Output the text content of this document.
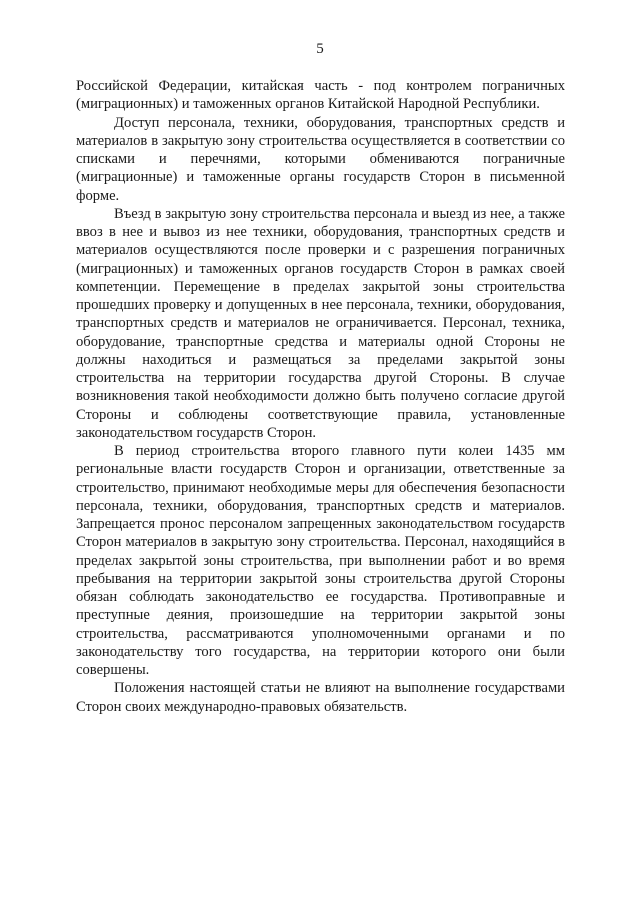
5

Российской Федерации, китайская часть - под контролем пограничных (миграционных) и таможенных органов Китайской Народной Республики.

Доступ персонала, техники, оборудования, транспортных средств и материалов в закрытую зону строительства осуществляется в соответствии со списками и перечнями, которыми обмениваются пограничные (миграционные) и таможенные органы государств Сторон в письменной форме.

Въезд в закрытую зону строительства персонала и выезд из нее, а также ввоз в нее и вывоз из нее техники, оборудования, транспортных средств и материалов осуществляются после проверки и с разрешения пограничных (миграционных) и таможенных органов государств Сторон в рамках своей компетенции. Перемещение в пределах закрытой зоны строительства прошедших проверку и допущенных в нее персонала, техники, оборудования, транспортных средств и материалов не ограничивается. Персонал, техника, оборудование, транспортные средства и материалы одной Стороны не должны находиться и размещаться за пределами закрытой зоны строительства на территории государства другой Стороны. В случае возникновения такой необходимости должно быть получено согласие другой Стороны и соблюдены соответствующие правила, установленные законодательством государств Сторон.

В период строительства второго главного пути колеи 1435 мм региональные власти государств Сторон и организации, ответственные за строительство, принимают необходимые меры для обеспечения безопасности персонала, техники, оборудования, транспортных средств и материалов. Запрещается пронос персоналом запрещенных законодательством государств Сторон материалов в закрытую зону строительства. Персонал, находящийся в пределах закрытой зоны строительства, при выполнении работ и во время пребывания на территории закрытой зоны строительства другой Стороны обязан соблюдать законодательство ее государства. Противоправные и преступные деяния, произошедшие на территории закрытой зоны строительства, рассматриваются уполномоченными органами и по законодательству того государства, на территории которого они были совершены.

Положения настоящей статьи не влияют на выполнение государствами Сторон своих международно-правовых обязательств.
